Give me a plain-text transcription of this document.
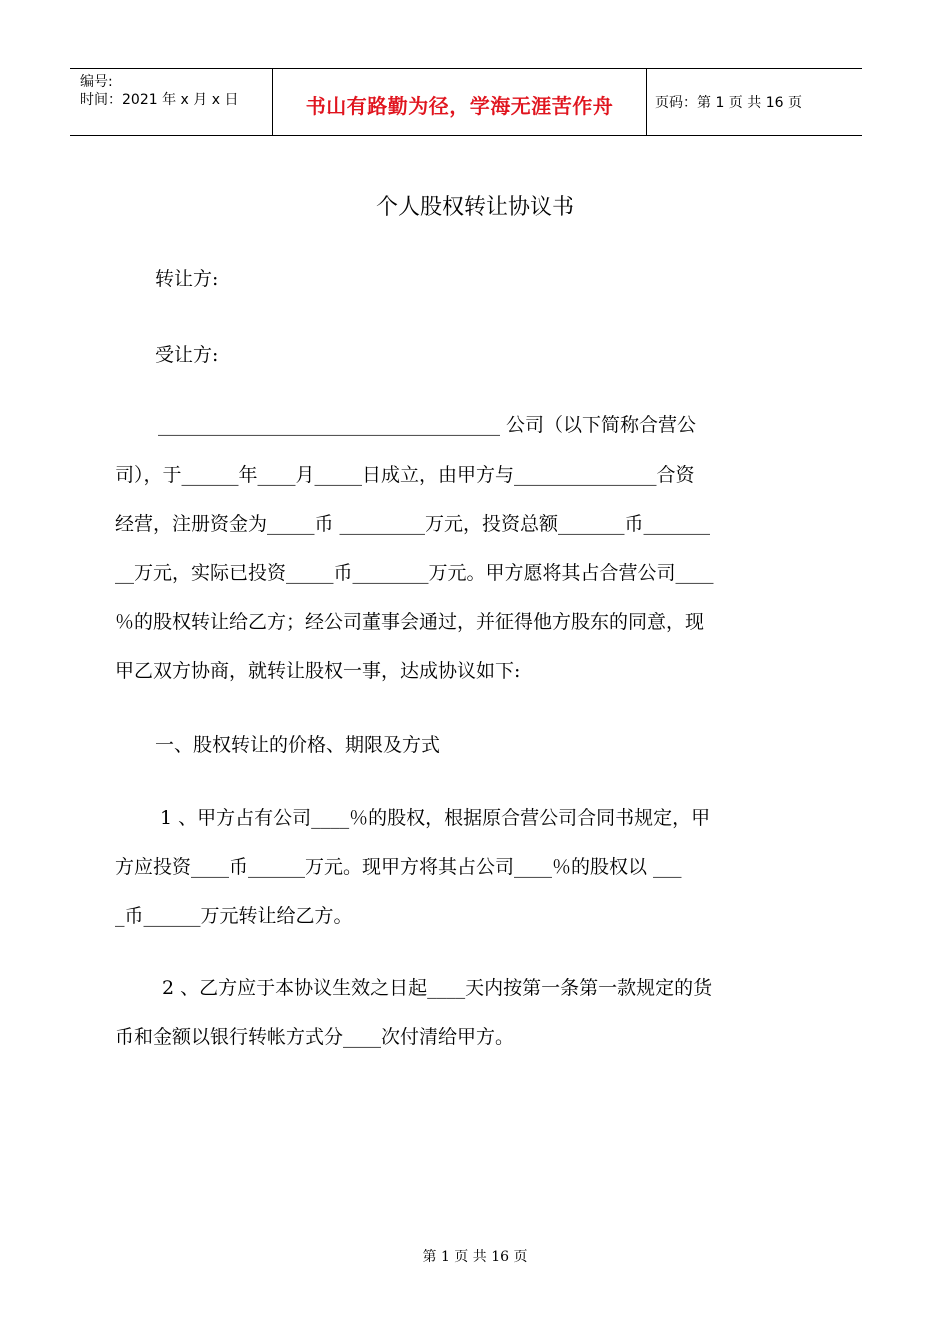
编号:
时间：2021 年 x 月 x 日	书山有路勤为径，学海无涯苦作舟	页码：第 1 页 共 16 页
个人股权转让协议书
转让方:
受让方:
____________________________________ 公司（以下简称合营公
司），于______年____月_____日成立，由甲方与_______________合资
经营，注册资金为_____币 _________万元，投资总额_______币_______
__万元，实际已投资_____币________万元。甲方愿将其占合营公司____
％的股权转让给乙方；经公司董事会通过，并征得他方股东的同意，现
甲乙双方协商，就转让股权一事，达成协议如下:
一、股权转让的价格、期限及方式
1 、甲方占有公司____％的股权，根据原合营公司合同书规定，甲
方应投资____币______万元。现甲方将其占公司____％的股权以 ___
_币______万元转让给乙方。
2 、乙方应于本协议生效之日起____天内按第一条第一款规定的货
币和金额以银行转帐方式分____次付清给甲方。
第 1 页 共 16 页
